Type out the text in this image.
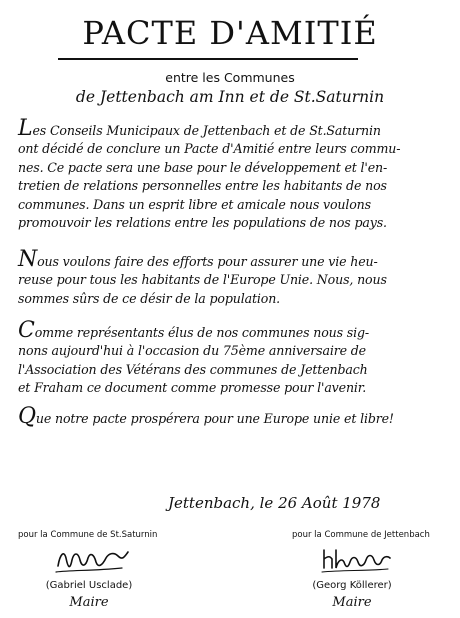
PACTE D'AMITIÉ
entre les Communes
de Jettenbach am Inn et de St.Saturnin
Les Conseils Municipaux de Jettenbach et de St.Saturnin
ont décidé de conclure un Pacte d'Amitié entre leurs commu-
nes. Ce pacte sera une base pour le développement et l'en-
tretien de relations personnelles entre les habitants de nos
communes. Dans un esprit libre et amicale nous voulons
promouvoir les relations entre les populations de nos pays.
Nous voulons faire des efforts pour assurer une vie heu-
reuse pour tous les habitants de l'Europe Unie. Nous, nous
sommes sûrs de ce désir de la population.
Comme représentants élus de nos communes nous sig-
nons aujourd'hui à l'occasion du 75ème anniversaire de
l'Association des Vétérans des communes de Jettenbach
et Fraham ce document comme promesse pour l'avenir.
Que notre pacte prospérera pour une Europe unie et libre!
Jettenbach, le 26 Août 1978
pour la Commune de St.Saturnin
(Gabriel Usclade)
Maire
pour la Commune de Jettenbach
(Georg Köllerer)
Maire
